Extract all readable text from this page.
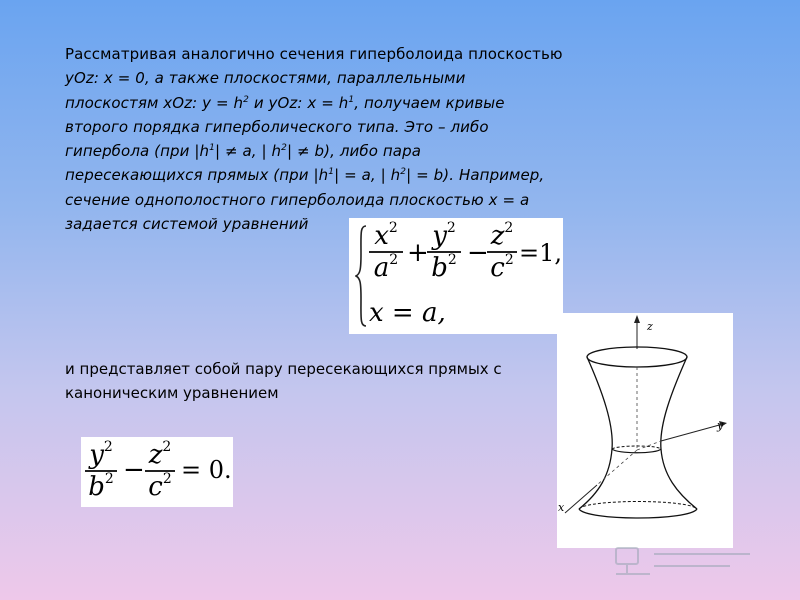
Рассматривая аналогично сечения гиперболоида плоскостью
yOz: x = 0, а также плоскостями, параллельными
плоскостям xOz: $y = h^2$ и yOz: $x = h^1$, получаем кривые
второго порядка гиперболического типа. Это – либо
гипербола (при $|h^1| \ne a$, | $h^2| \ne b$), либо пара
пересекающихся прямых (при $|h^1| = a$, | $h^2| = b$). Например,
сечение однополостного гиперболоида плоскостью x = a
задается системой уравнений	$x^2$
$a^2$ +
$y^2$
$b^2$ −
$z^2$
$c^2 =1$,
x = a,
и представляет собой пару пересекающихся прямых с
каноническим уравнением
$y^2$
$b^2 - z^2$
$c^2 = 0$.
z
y
x
